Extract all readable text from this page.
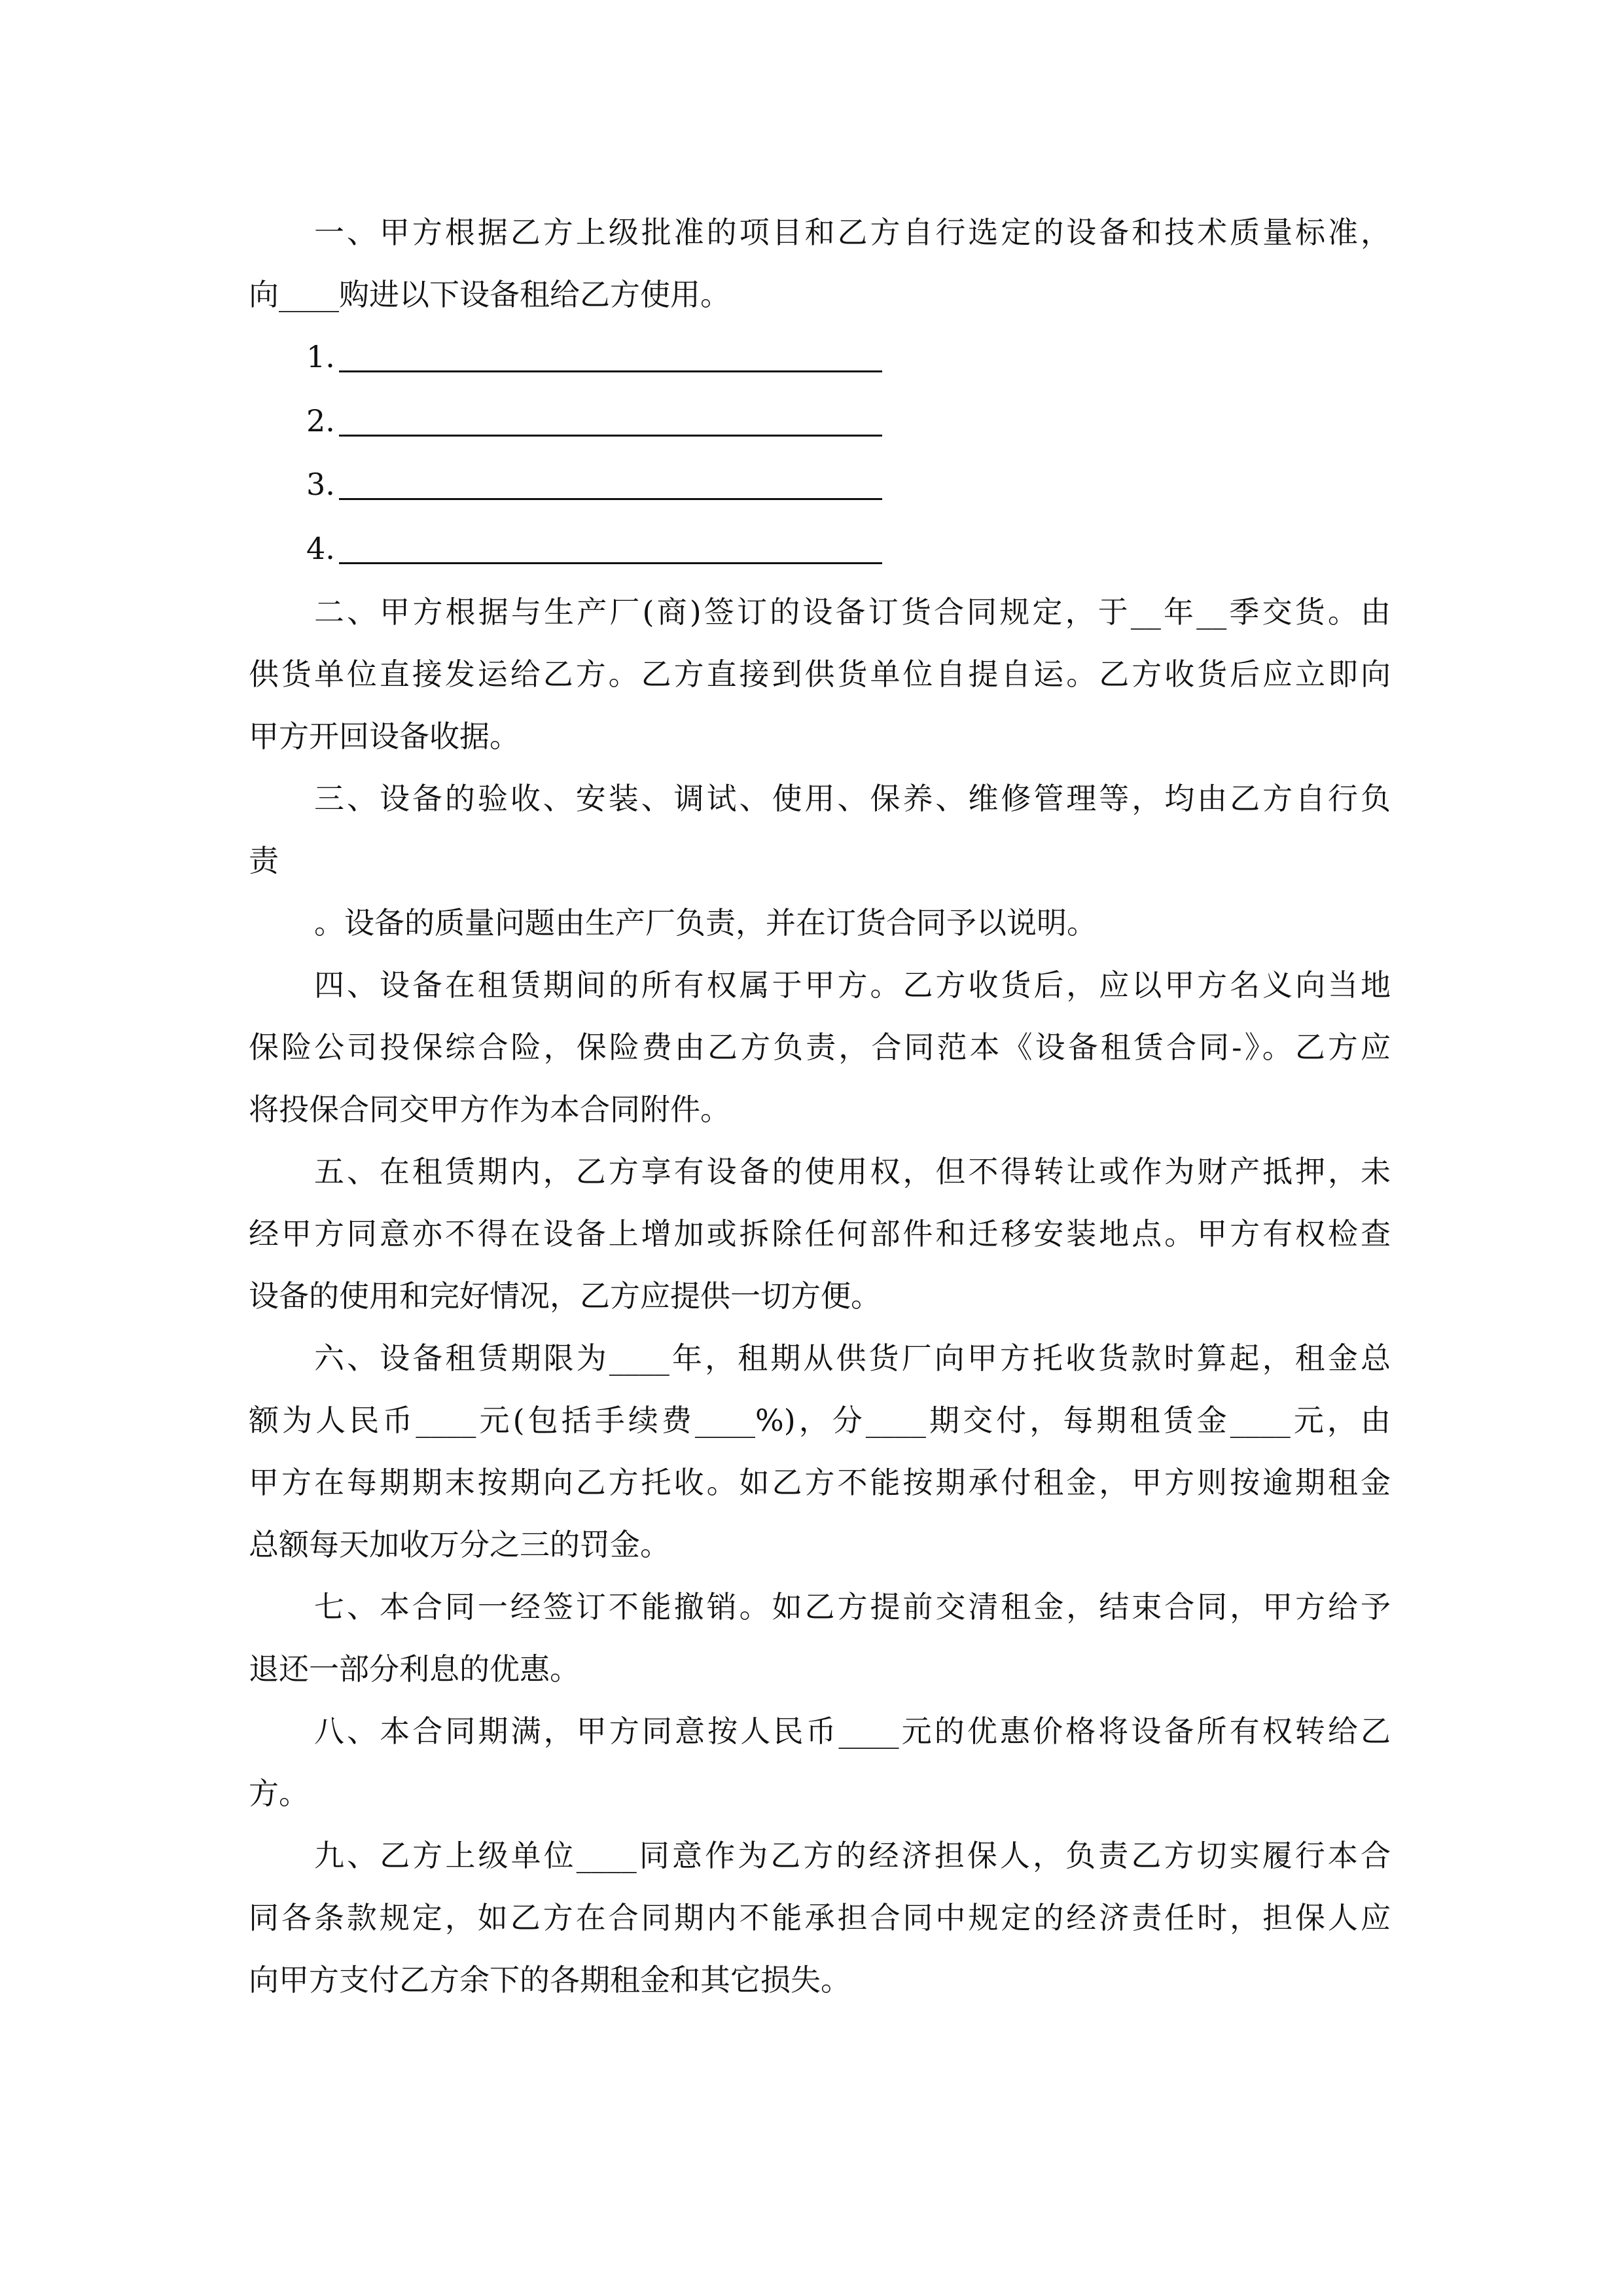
一、甲方根据乙方上级批准的项目和乙方自行选定的设备和技术质量标准，
向____购进以下设备租给乙方使用。
1.
2.
3.
4.
二、甲方根据与生产厂(商)签订的设备订货合同规定，于__年__季交货。由
供货单位直接发运给乙方。乙方直接到供货单位自提自运。乙方收货后应立即向
甲方开回设备收据。
三、设备的验收、安装、调试、使用、保养、维修管理等，均由乙方自行负
责
。设备的质量问题由生产厂负责，并在订货合同予以说明。
四、设备在租赁期间的所有权属于甲方。乙方收货后，应以甲方名义向当地
保险公司投保综合险，保险费由乙方负责，合同范本《设备租赁合同-》。乙方应
将投保合同交甲方作为本合同附件。
五、在租赁期内，乙方享有设备的使用权，但不得转让或作为财产抵押，未
经甲方同意亦不得在设备上增加或拆除任何部件和迁移安装地点。甲方有权检查
设备的使用和完好情况，乙方应提供一切方便。
六、设备租赁期限为____年，租期从供货厂向甲方托收货款时算起，租金总
额为人民币____元(包括手续费____%)，分____期交付，每期租赁金____元，由
甲方在每期期末按期向乙方托收。如乙方不能按期承付租金，甲方则按逾期租金
总额每天加收万分之三的罚金。
七、本合同一经签订不能撤销。如乙方提前交清租金，结束合同，甲方给予
退还一部分利息的优惠。
八、本合同期满，甲方同意按人民币____元的优惠价格将设备所有权转给乙
方。
九、乙方上级单位____同意作为乙方的经济担保人，负责乙方切实履行本合
同各条款规定，如乙方在合同期内不能承担合同中规定的经济责任时，担保人应
向甲方支付乙方余下的各期租金和其它损失。
